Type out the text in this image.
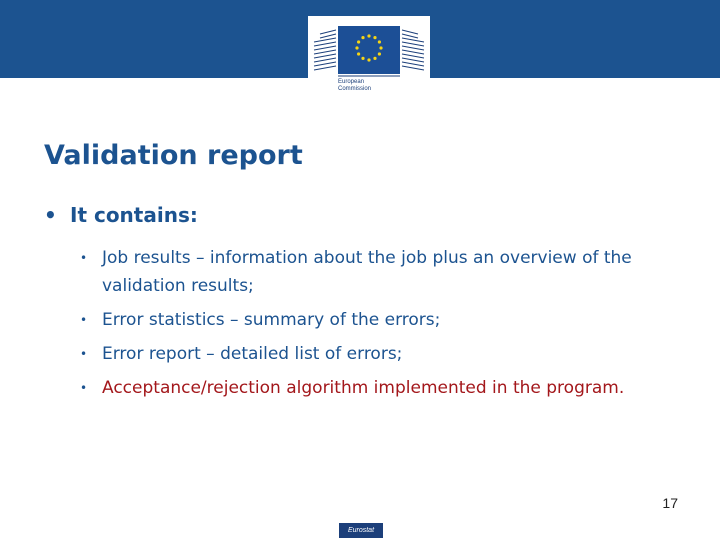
European
Commission
Validation report
• It contains:
• Job results – information about the job plus an overview of the validation results;
• Error statistics – summary of the errors;
• Error report – detailed list of errors;
• Acceptance/rejection algorithm implemented in the program.
17
Eurostat
